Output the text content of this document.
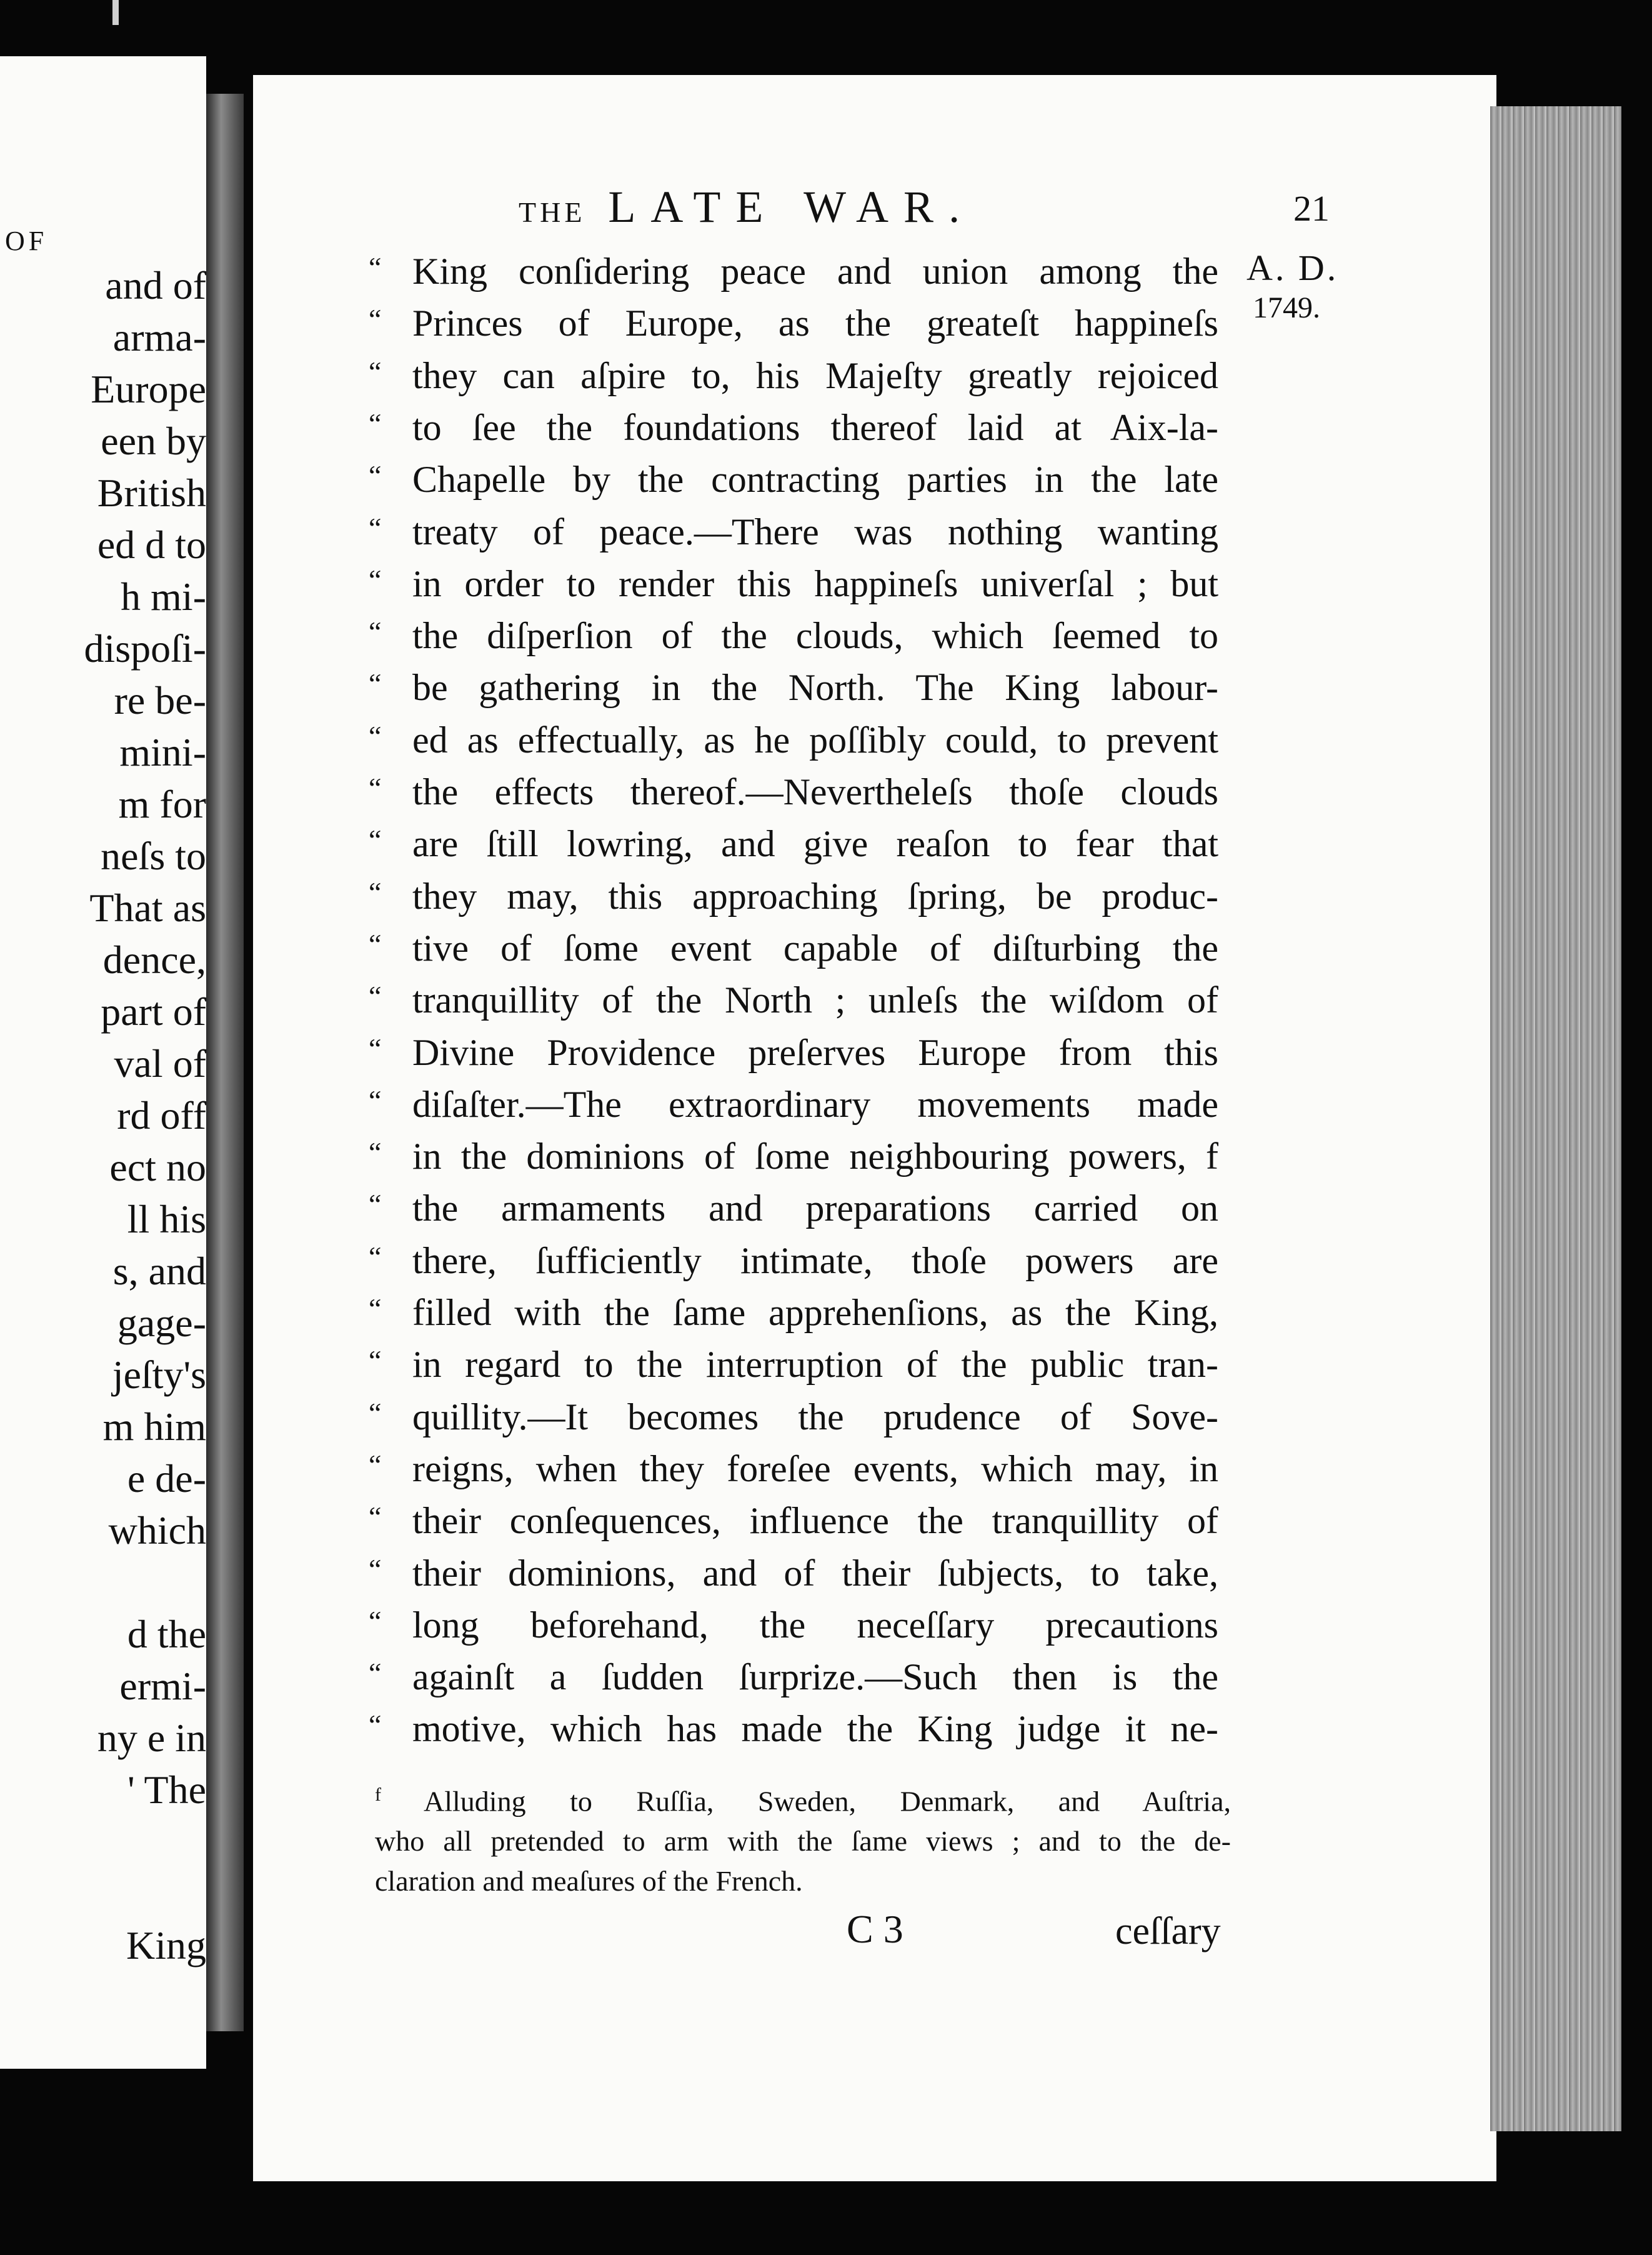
OF
and of
arma-
Europe
een by
British
ed d to
h mi-
dispoſi-
re be-
mini-
m for
neſs to
That as
dence,
part of
val of
rd off
ect no
ll his
s, and
gage-
jeſty's
m him
e de-
which
d the
ermi-
ny e in
' The
King
THE LATE WAR.	21
A. D.
1749.
“ King conſidering peace and union among the
“ Princes of Europe, as the greateſt happineſs
“ they can aſpire to, his Majeſty greatly rejoiced
“ to ſee the foundations thereof laid at Aix-la-
“ Chapelle by the contracting parties in the late
“ treaty of peace.—There was nothing wanting
“ in order to render this happineſs univerſal ; but
“ the diſperſion of the clouds, which ſeemed to
“ be gathering in the North. The King labour-
“ ed as effectually, as he poſſibly could, to prevent
“ the effects thereof.—Nevertheleſs thoſe clouds
“ are ſtill lowring, and give reaſon to fear that
“ they may, this approaching ſpring, be produc-
“ tive of ſome event capable of diſturbing the
“ tranquillity of the North ; unleſs the wiſdom of
“ Divine Providence preſerves Europe from this
“ diſaſter.—The extraordinary movements made
“ in the dominions of ſome neighbouring powers, f
“ the armaments and preparations carried on
“ there, ſufficiently intimate, thoſe powers are
“ filled with the ſame apprehenſions, as the King,
“ in regard to the interruption of the public tran-
“ quillity.—It becomes the prudence of Sove-
“ reigns, when they foreſee events, which may, in
“ their conſequences, influence the tranquillity of
“ their dominions, and of their ſubjects, to take,
“ long beforehand, the neceſſary precautions
“ againſt a ſudden ſurprize.—Such then is the
“ motive, which has made the King judge it ne-
$^f$ Alluding to Ruſſia, Sweden, Denmark, and Auſtria,
who all pretended to arm with the ſame views ; and to the de-
claration and meaſures of the French.
C 3	ceſſary
